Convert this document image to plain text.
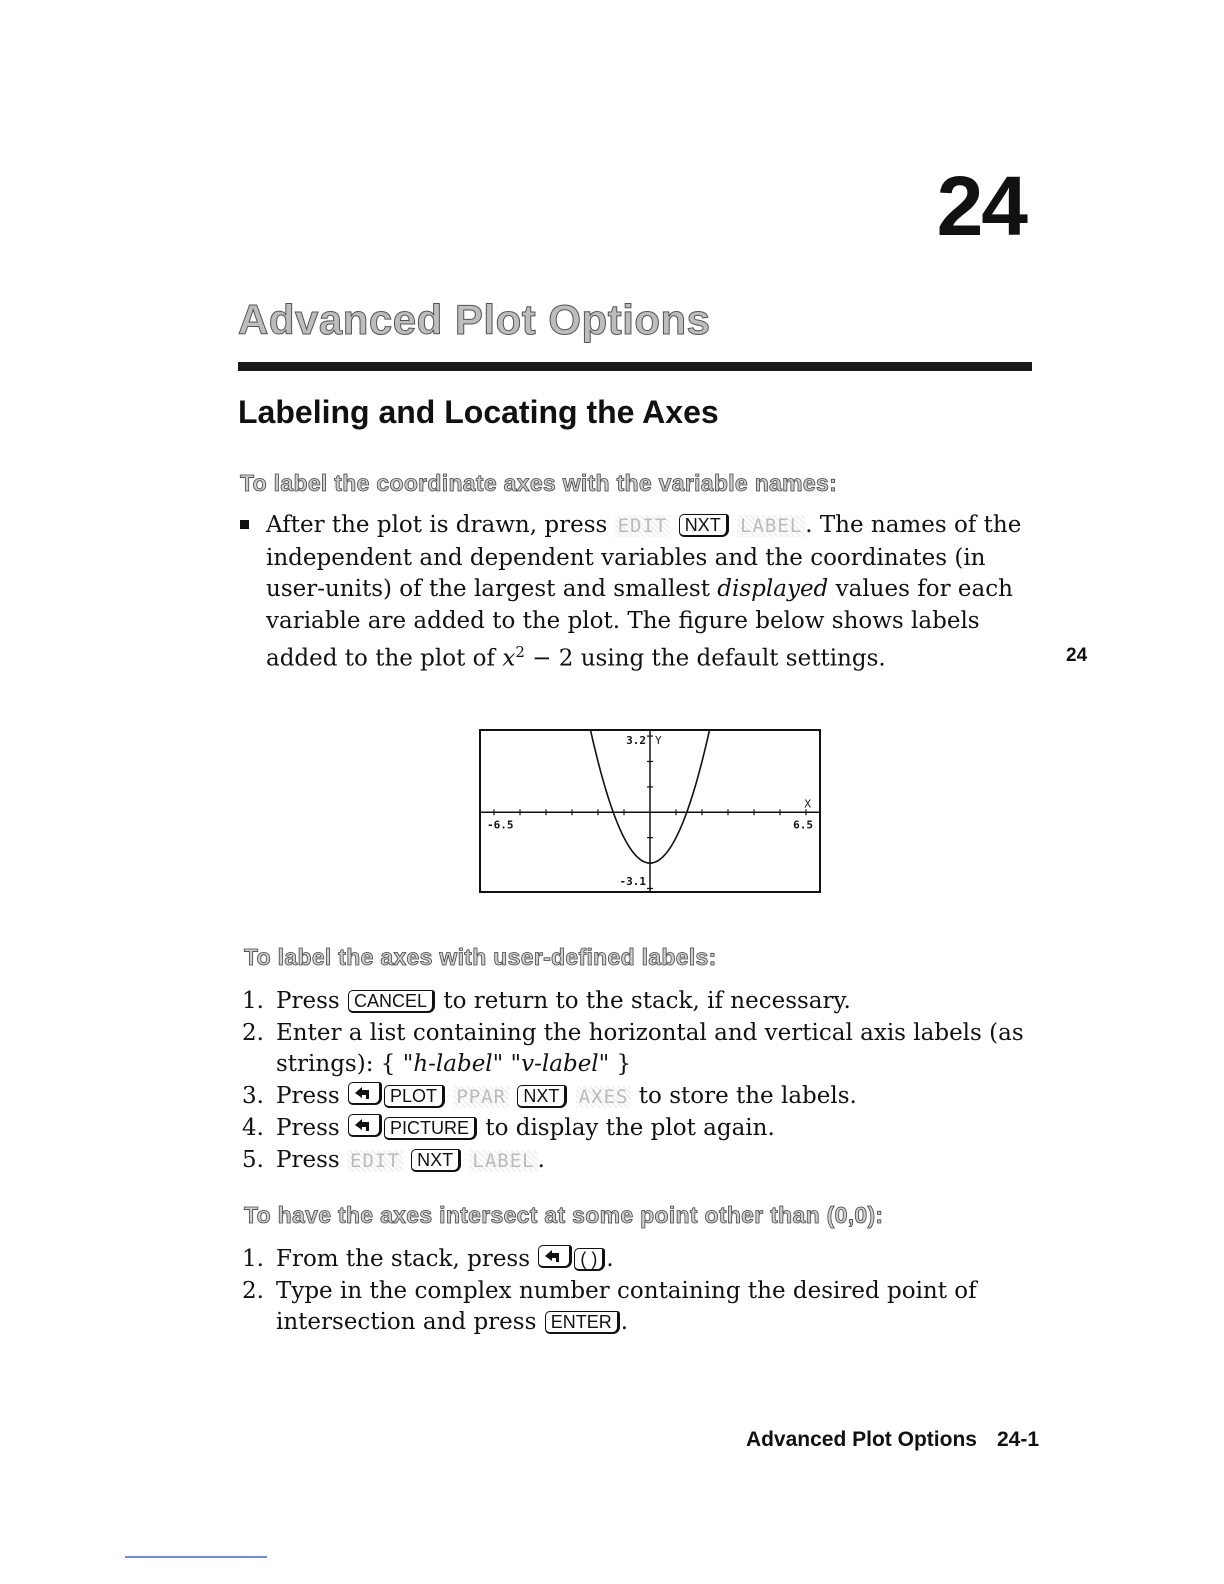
24
Advanced Plot Options
Labeling and Locating the Axes
To label the coordinate axes with the variable names:
After the plot is drawn, press EDIT NXT LABEL . The names of the independent and dependent variables and the coordinates (in user-units) of the largest and smallest displayed values for each variable are added to the plot. The figure below shows labels added to the plot of $x^2 - 2$ using the default settings.	24
3.2
-3.1
-6.5	6.5
Y
X
To label the axes with user-defined labels:
1. Press CANCEL to return to the stack, if necessary.
2. Enter a list containing the horizontal and vertical axis labels (as strings): { "h-label" "v-label" }
3. Press
PLOT PPAR NXT AXES to store the labels.
4. Press
PICTURE to display the plot again.
5. Press EDIT NXT LABEL .
To have the axes intersect at some point other than (0,0):
1. From the stack, press
( ) .
2. Type in the complex number containing the desired point of intersection and press ENTER .
Advanced Plot Options 24-1
